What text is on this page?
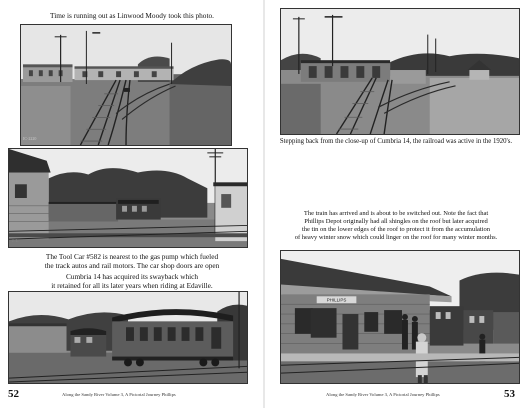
Time is running out as Linwood Moody took this photo.
IC-2220
J. L.
The Tool Car #582 is nearest to the gas pump which fueled
the track autos and rail motors. The car shop doors are open
Cumbria 14 has acquired its swayback which
it retained for all its later years when riding at Edaville.
52	Along the Sandy River Volume 3, A Pictorial Journey Phillips
Stepping back from the close-up of Cumbria 14, the railroad was active in the 1920's.
The train has arrived and is about to be switched out. Note the fact that
Phillips Depot originally had all shingles on the roof but later acquired
the tin on the lower edges of the roof to protect it from the accumulation
of heavy winter snow which could linger on the roof for many winter months.
PHILLIPS
Along the Sandy River Volume 3, A Pictorial Journey Phillips	53
